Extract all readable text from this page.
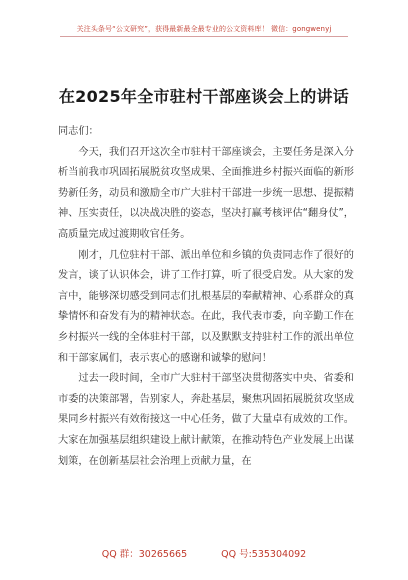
关注头条号“公文研究”，获得最新最全最专业的公文资料库！ 微信：gongwenyj
在2025年全市驻村干部座谈会上的讲话

同志们：

今天，我们召开这次全市驻村干部座谈会，主要任务是深入分析当前我市巩固拓展脱贫攻坚成果、全面推进乡村振兴面临的新形势新任务，动员和激励全市广大驻村干部进一步统一思想、提振精神、压实责任，以决战决胜的姿态，坚决打赢考核评估“翻身仗”，高质量完成过渡期收官任务。

刚才，几位驻村干部、派出单位和乡镇的负责同志作了很好的发言，谈了认识体会，讲了工作打算，听了很受启发。从大家的发言中，能够深切感受到同志们扎根基层的奉献精神、心系群众的真挚情怀和奋发有为的精神状态。在此，我代表市委，向辛勤工作在乡村振兴一线的全体驻村干部，以及默默支持驻村工作的派出单位和干部家属们，表示衷心的感谢和诚挚的慰问！

过去一段时间，全市广大驻村干部坚决贯彻落实中央、省委和市委的决策部署，告别家人，奔赴基层，聚焦巩固拓展脱贫攻坚成果同乡村振兴有效衔接这一中心任务，做了大量卓有成效的工作。大家在加强基层组织建设上献计献策，在推动特色产业发展上出谋划策，在创新基层社会治理上贡献力量，在

QQ 群：30265665	QQ 号:535304092
